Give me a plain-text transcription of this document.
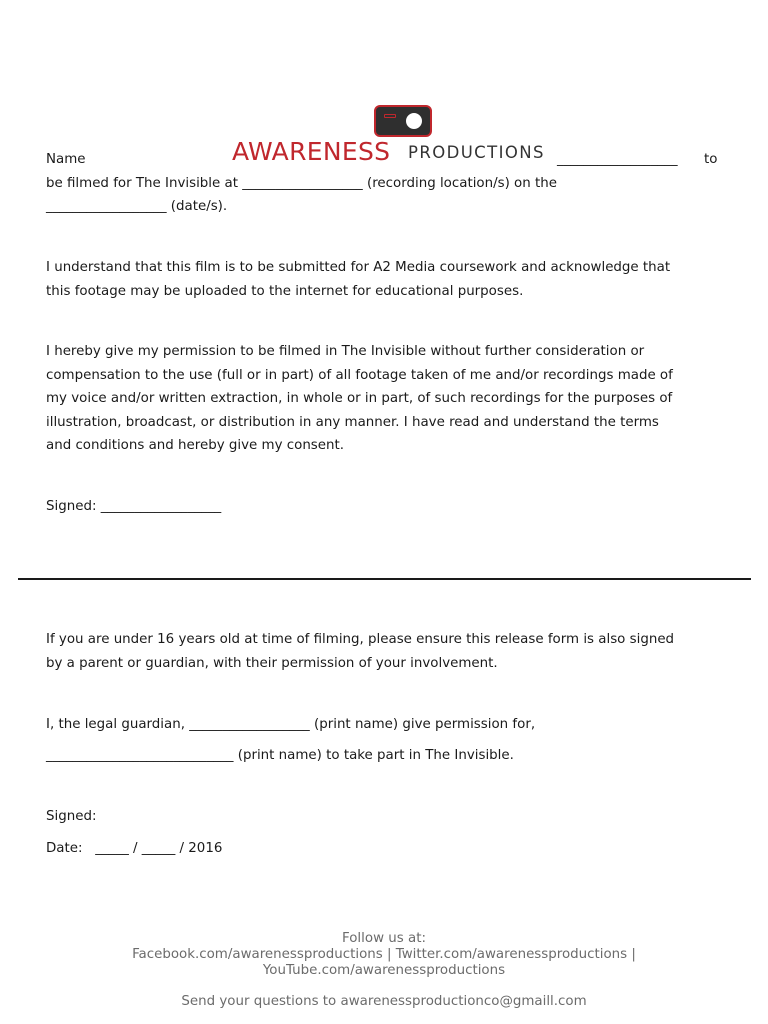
AWARENESS PRODUCTIONS
Name	__________________ to
be filmed for The Invisible at __________________ (recording location/s) on the
__________________ (date/s).
I understand that this film is to be submitted for A2 Media coursework and acknowledge that
this footage may be uploaded to the internet for educational purposes.
I hereby give my permission to be filmed in The Invisible without further consideration or
compensation to the use (full or in part) of all footage taken of me and/or recordings made of
my voice and/or written extraction, in whole or in part, of such recordings for the purposes of
illustration, broadcast, or distribution in any manner. I have read and understand the terms
and conditions and hereby give my consent.
Signed: __________________
If you are under 16 years old at time of filming, please ensure this release form is also signed
by a parent or guardian, with their permission of your involvement.
I, the legal guardian, __________________ (print name) give permission for,
____________________________ (print name) to take part in The Invisible.
Signed:
Date:   _____ / _____ / 2016
Follow us at:
Facebook.com/awarenessproductions | Twitter.com/awarenessproductions |
YouTube.com/awarenessproductions
Send your questions to awarenessproductionco@gmaill.com
